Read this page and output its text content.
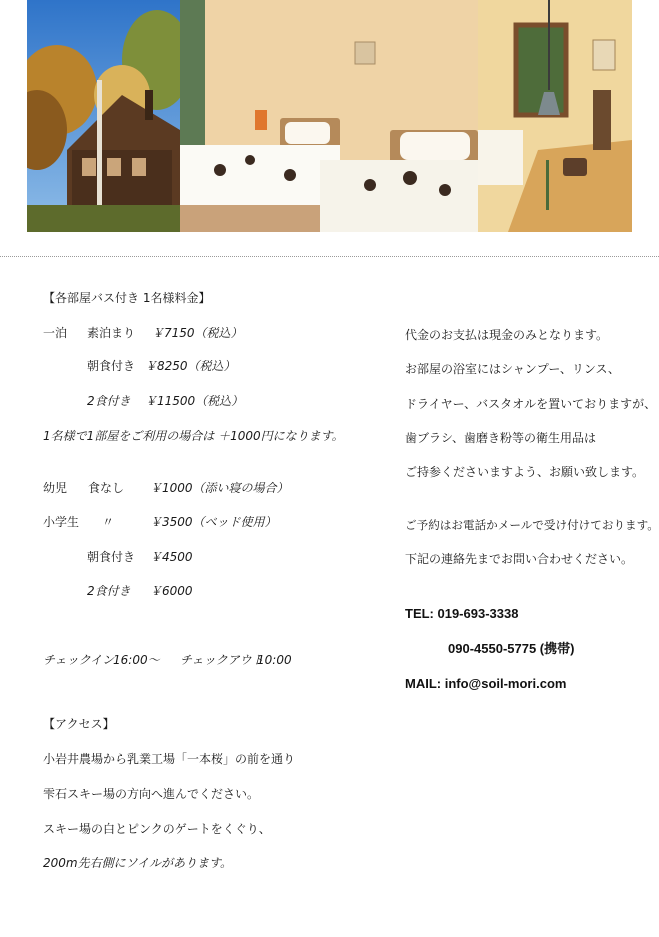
【各部屋バス付き 1名様料金】
一泊 素泊まり ￥7150（税込）
朝食付き ￥8250（税込）
2食付き ￥11500（税込）
1名様で1部屋をご利用の場合は ＋1000円になります。
幼児 食なし ￥1000（添い寝の場合）
小学生 〃	￥3500（ベッド使用）
朝食付き ￥4500
2食付き ￥6000
チェックイン
16:00～ チェックアウト
10:00
【アクセス】
小岩井農場から乳業工場「一本桜」の前を通り
雫石スキー場の方向へ進んでください。
スキー場の白とピンクのゲートをくぐり、
200m先右側にソイルがあります。
代金のお支払は現金のみとなります。
お部屋の浴室にはシャンプー、リンス、
ドライヤー、バスタオルを置いておりますが、
歯ブラシ、歯磨き粉等の衛生用品は
ご持参くださいますよう、お願い致します。
ご予約はお電話かメールで受け付けております。
下記の連絡先までお問い合わせください。
TEL: 019-693-3338
090-4550-5775 (携帯)
MAIL: info@soil-mori.com
